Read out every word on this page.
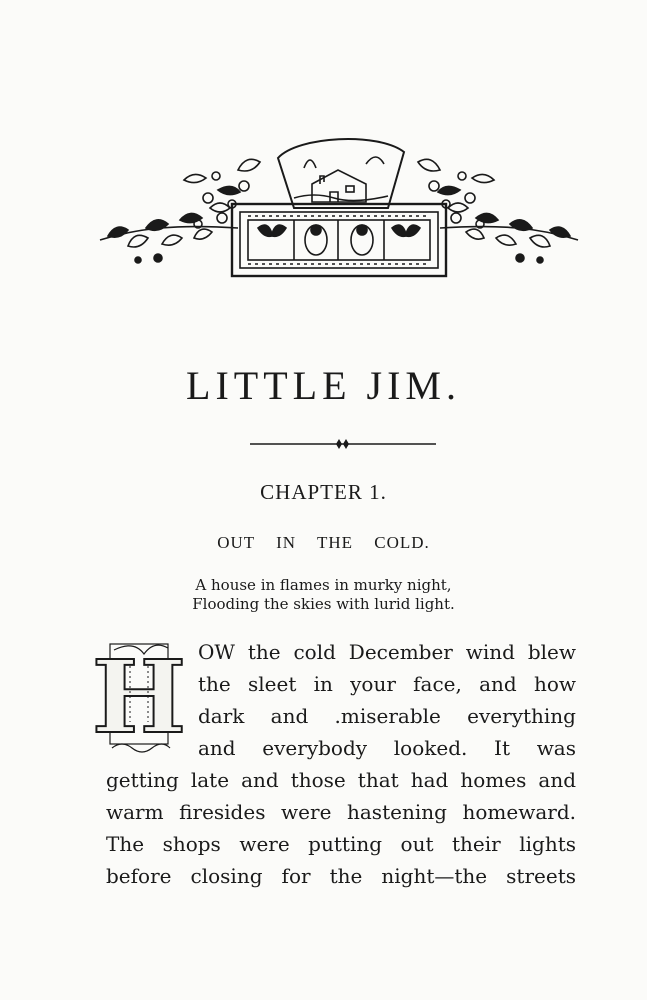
LITTLE JIM.
CHAPTER 1.
OUT IN THE COLD.
A house in flames in murky night,
Flooding the skies with lurid light.
H OW the cold December wind blew
the sleet in your face, and how
dark and .miserable everything
and everybody looked. It was
getting late and those that had homes and
warm firesides were hastening homeward.
The shops were putting out their lights
before closing for the night—the streets
